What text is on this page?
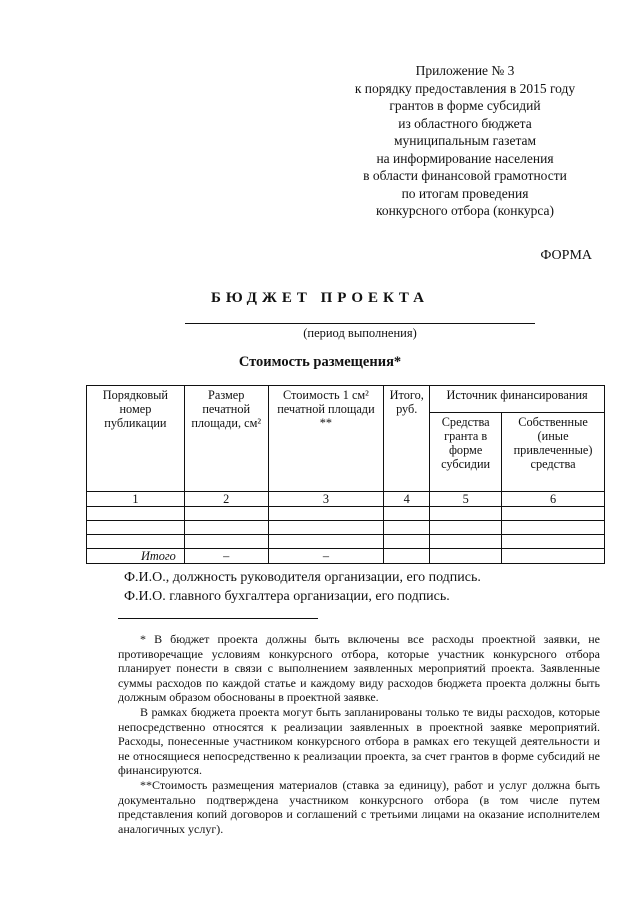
Приложение № 3
к порядку предоставления в 2015 году
грантов в форме субсидий
из областного бюджета
муниципальным газетам
на информирование населения
в области финансовой грамотности
по итогам проведения
конкурсного отбора (конкурса)
ФОРМА
БЮДЖЕТ ПРОЕКТА
(период выполнения)
Стоимость размещения*
Порядковый номер публикации	Размер печатной площади, см²	Стоимость 1 см² печатной площади **	Итого, руб.	Источник финансирования	
				Средства гранта в форме субсидии	Собственные (иные привлеченные) средства
1	2	3	4	5	6

Итого	–	–			
Ф.И.О., должность руководителя организации, его подпись.
Ф.И.О. главного бухгалтера организации, его подпись.

* В бюджет проекта должны быть включены все расходы проектной заявки, не противоречащие условиям конкурсного отбора, которые участник конкурсного отбора планирует понести в связи с выполнением заявленных мероприятий проекта. Заявленные суммы расходов по каждой статье и каждому виду расходов бюджета проекта должны быть должным образом обоснованы в проектной заявке.

В рамках бюджета проекта могут быть запланированы только те виды расходов, которые непосредственно относятся к реализации заявленных в проектной заявке мероприятий. Расходы, понесенные участником конкурсного отбора в рамках его текущей деятельности и не относящиеся непосредственно к реализации проекта, за счет грантов в форме субсидий не финансируются.

**Стоимость размещения материалов (ставка за единицу), работ и услуг должна быть документально подтверждена участником конкурсного отбора (в том числе путем представления копий договоров и соглашений с третьими лицами на оказание исполнителем аналогичных услуг).
